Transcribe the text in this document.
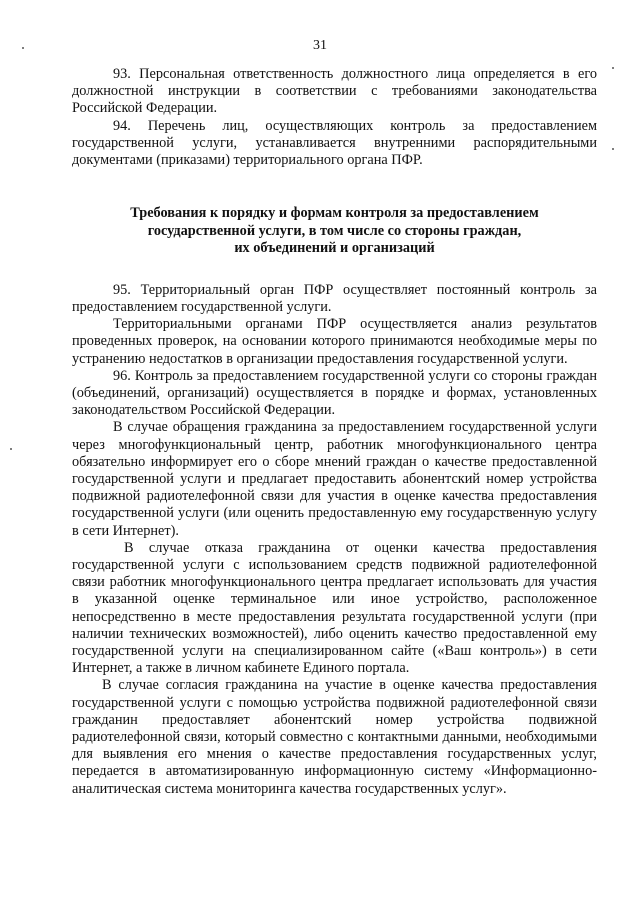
31

93. Персональная ответственность должностного лица определяется в его должностной инструкции в соответствии с требованиями законодательства Российской Федерации.

94. Перечень лиц, осуществляющих контроль за предоставлением государственной услуги, устанавливается внутренними распорядительными документами (приказами) территориального органа ПФР.

Требования к порядку и формам контроля за предоставлением
государственной услуги, в том числе со стороны граждан,
их объединений и организаций

95. Территориальный орган ПФР осуществляет постоянный контроль за предоставлением государственной услуги.

Территориальными органами ПФР осуществляется анализ результатов проведенных проверок, на основании которого принимаются необходимые меры по устранению недостатков в организации предоставления государственной услуги.

96. Контроль за предоставлением государственной услуги со стороны граждан (объединений, организаций) осуществляется в порядке и формах, установленных законодательством Российской Федерации.

В случае обращения гражданина за предоставлением государственной услуги через многофункциональный центр, работник многофункционального центра обязательно информирует его о сборе мнений граждан о качестве предоставленной государственной услуги и предлагает предоставить абонентский номер устройства подвижной радиотелефонной связи для участия в оценке качества предоставления государственной услуги (или оценить предоставленную ему государственную услугу в сети Интернет).

В случае отказа гражданина от оценки качества предоставления государственной услуги с использованием средств подвижной радиотелефонной связи работник многофункционального центра предлагает использовать для участия в указанной оценке терминальное или иное устройство, расположенное непосредственно в месте предоставления результата государственной услуги (при наличии технических возможностей), либо оценить качество предоставленной ему государственной услуги на специализированном сайте («Ваш контроль») в сети Интернет, а также в личном кабинете Единого портала.

В случае согласия гражданина на участие в оценке качества предоставления государственной услуги с помощью устройства подвижной радиотелефонной связи гражданин предоставляет абонентский номер устройства подвижной радиотелефонной связи, который совместно с контактными данными, необходимыми для выявления его мнения о качестве предоставления государственных услуг, передается в автоматизированную информационную систему «Информационно-аналитическая система мониторинга качества государственных услуг».
